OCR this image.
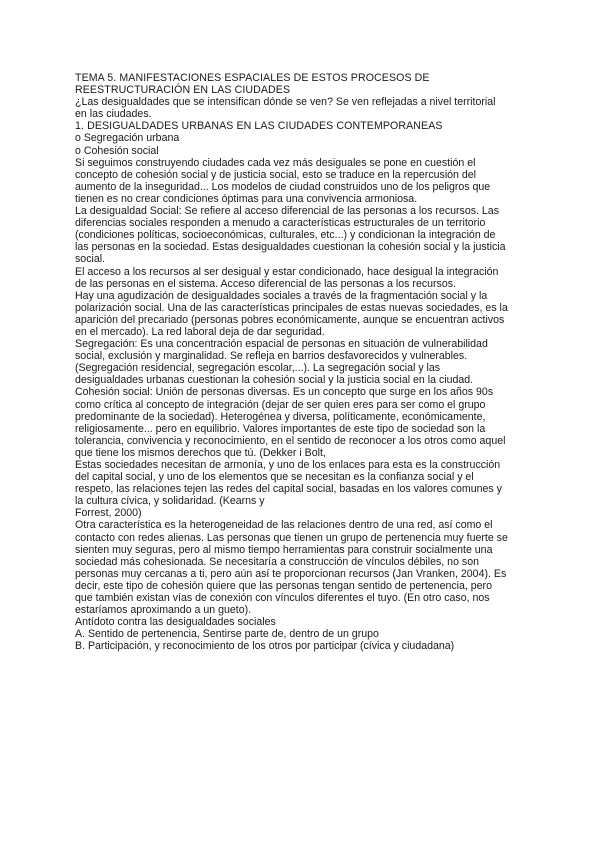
TEMA 5. MANIFESTACIONES ESPACIALES DE ESTOS PROCESOS DE
REESTRUCTURACIÓN EN LAS CIUDADES
¿Las desigualdades que se intensifican dónde se ven? Se ven reflejadas a nivel territorial
en las ciudades.
1. DESIGUALDADES URBANAS EN LAS CIUDADES CONTEMPORANEAS
o Segregación urbana
o Cohesión social
Si seguimos construyendo ciudades cada vez más desiguales se pone en cuestión el
concepto de cohesión social y de justicia social, esto se traduce en la repercusión del
aumento de la inseguridad... Los modelos de ciudad construidos uno de los peligros que
tienen es no crear condiciones óptimas para una convivencia armoniosa.
La desigualdad Social: Se refiere al acceso diferencial de las personas a los recursos. Las
diferencias sociales responden a menudo a características estructurales de un territorio
(condiciones políticas, socioeconómicas, culturales, etc...) y condicionan la integración de
las personas en la sociedad. Estas desigualdades cuestionan la cohesión social y la justicia
social.
El acceso a los recursos al ser desigual y estar condicionado, hace desigual la integración
de las personas en el sistema. Acceso diferencial de las personas a los recursos.
Hay una agudización de desigualdades sociales a través de la fragmentación social y la
polarización social. Una de las características principales de estas nuevas sociedades, es la
aparición del precariado (personas pobres económicamente, aunque se encuentran activos
en el mercado). La red laboral deja de dar seguridad.
Segregación: Es una concentración espacial de personas en situación de vulnerabilidad
social, exclusión y marginalidad. Se refleja en barrios desfavorecidos y vulnerables.
(Segregación residencial, segregación escolar,...). La segregación social y las
desigualdades urbanas cuestionan la cohesión social y la justicia social en la ciudad.
Cohesión social: Unión de personas diversas. Es un concepto que surge en los años 90s
como crítica al concepto de integración (dejar de ser quien eres para ser como el grupo
predominante de la sociedad). Heterogénea y diversa, políticamente, económicamente,
religiosamente... pero en equilibrio. Valores importantes de este tipo de sociedad son la
tolerancia, convivencia y reconocimiento, en el sentido de reconocer a los otros como aquel
que tiene los mismos derechos que tú. (Dekker i Bolt,
Estas sociedades necesitan de armonía, y uno de los enlaces para esta es la construcción
del capital social, y uno de los elementos que se necesitan es la confianza social y el
respeto, las relaciones tejen las redes del capital social, basadas en los valores comunes y
la cultura cívica, y solidaridad. (Kearns y
Forrest, 2000)
Otra característica es la heterogeneidad de las relaciones dentro de una red, así como el
contacto con redes alienas. Las personas que tienen un grupo de pertenencia muy fuerte se
sienten muy seguras, pero al mismo tiempo herramientas para construir socialmente una
sociedad más cohesionada. Se necesitaría a construcción de vínculos débiles, no son
personas muy cercanas a ti, pero aún así te proporcionan recursos (Jan Vranken, 2004). Es
decir, este tipo de cohesión quiere que las personas tengan sentido de pertenencia, pero
que también existan vías de conexión con vínculos diferentes el tuyo. (En otro caso, nos
estaríamos aproximando a un gueto).
Antídoto contra las desigualdades sociales
A. Sentido de pertenencia, Sentirse parte de, dentro de un grupo
B. Participación, y reconocimiento de los otros por participar (cívica y ciudadana)
